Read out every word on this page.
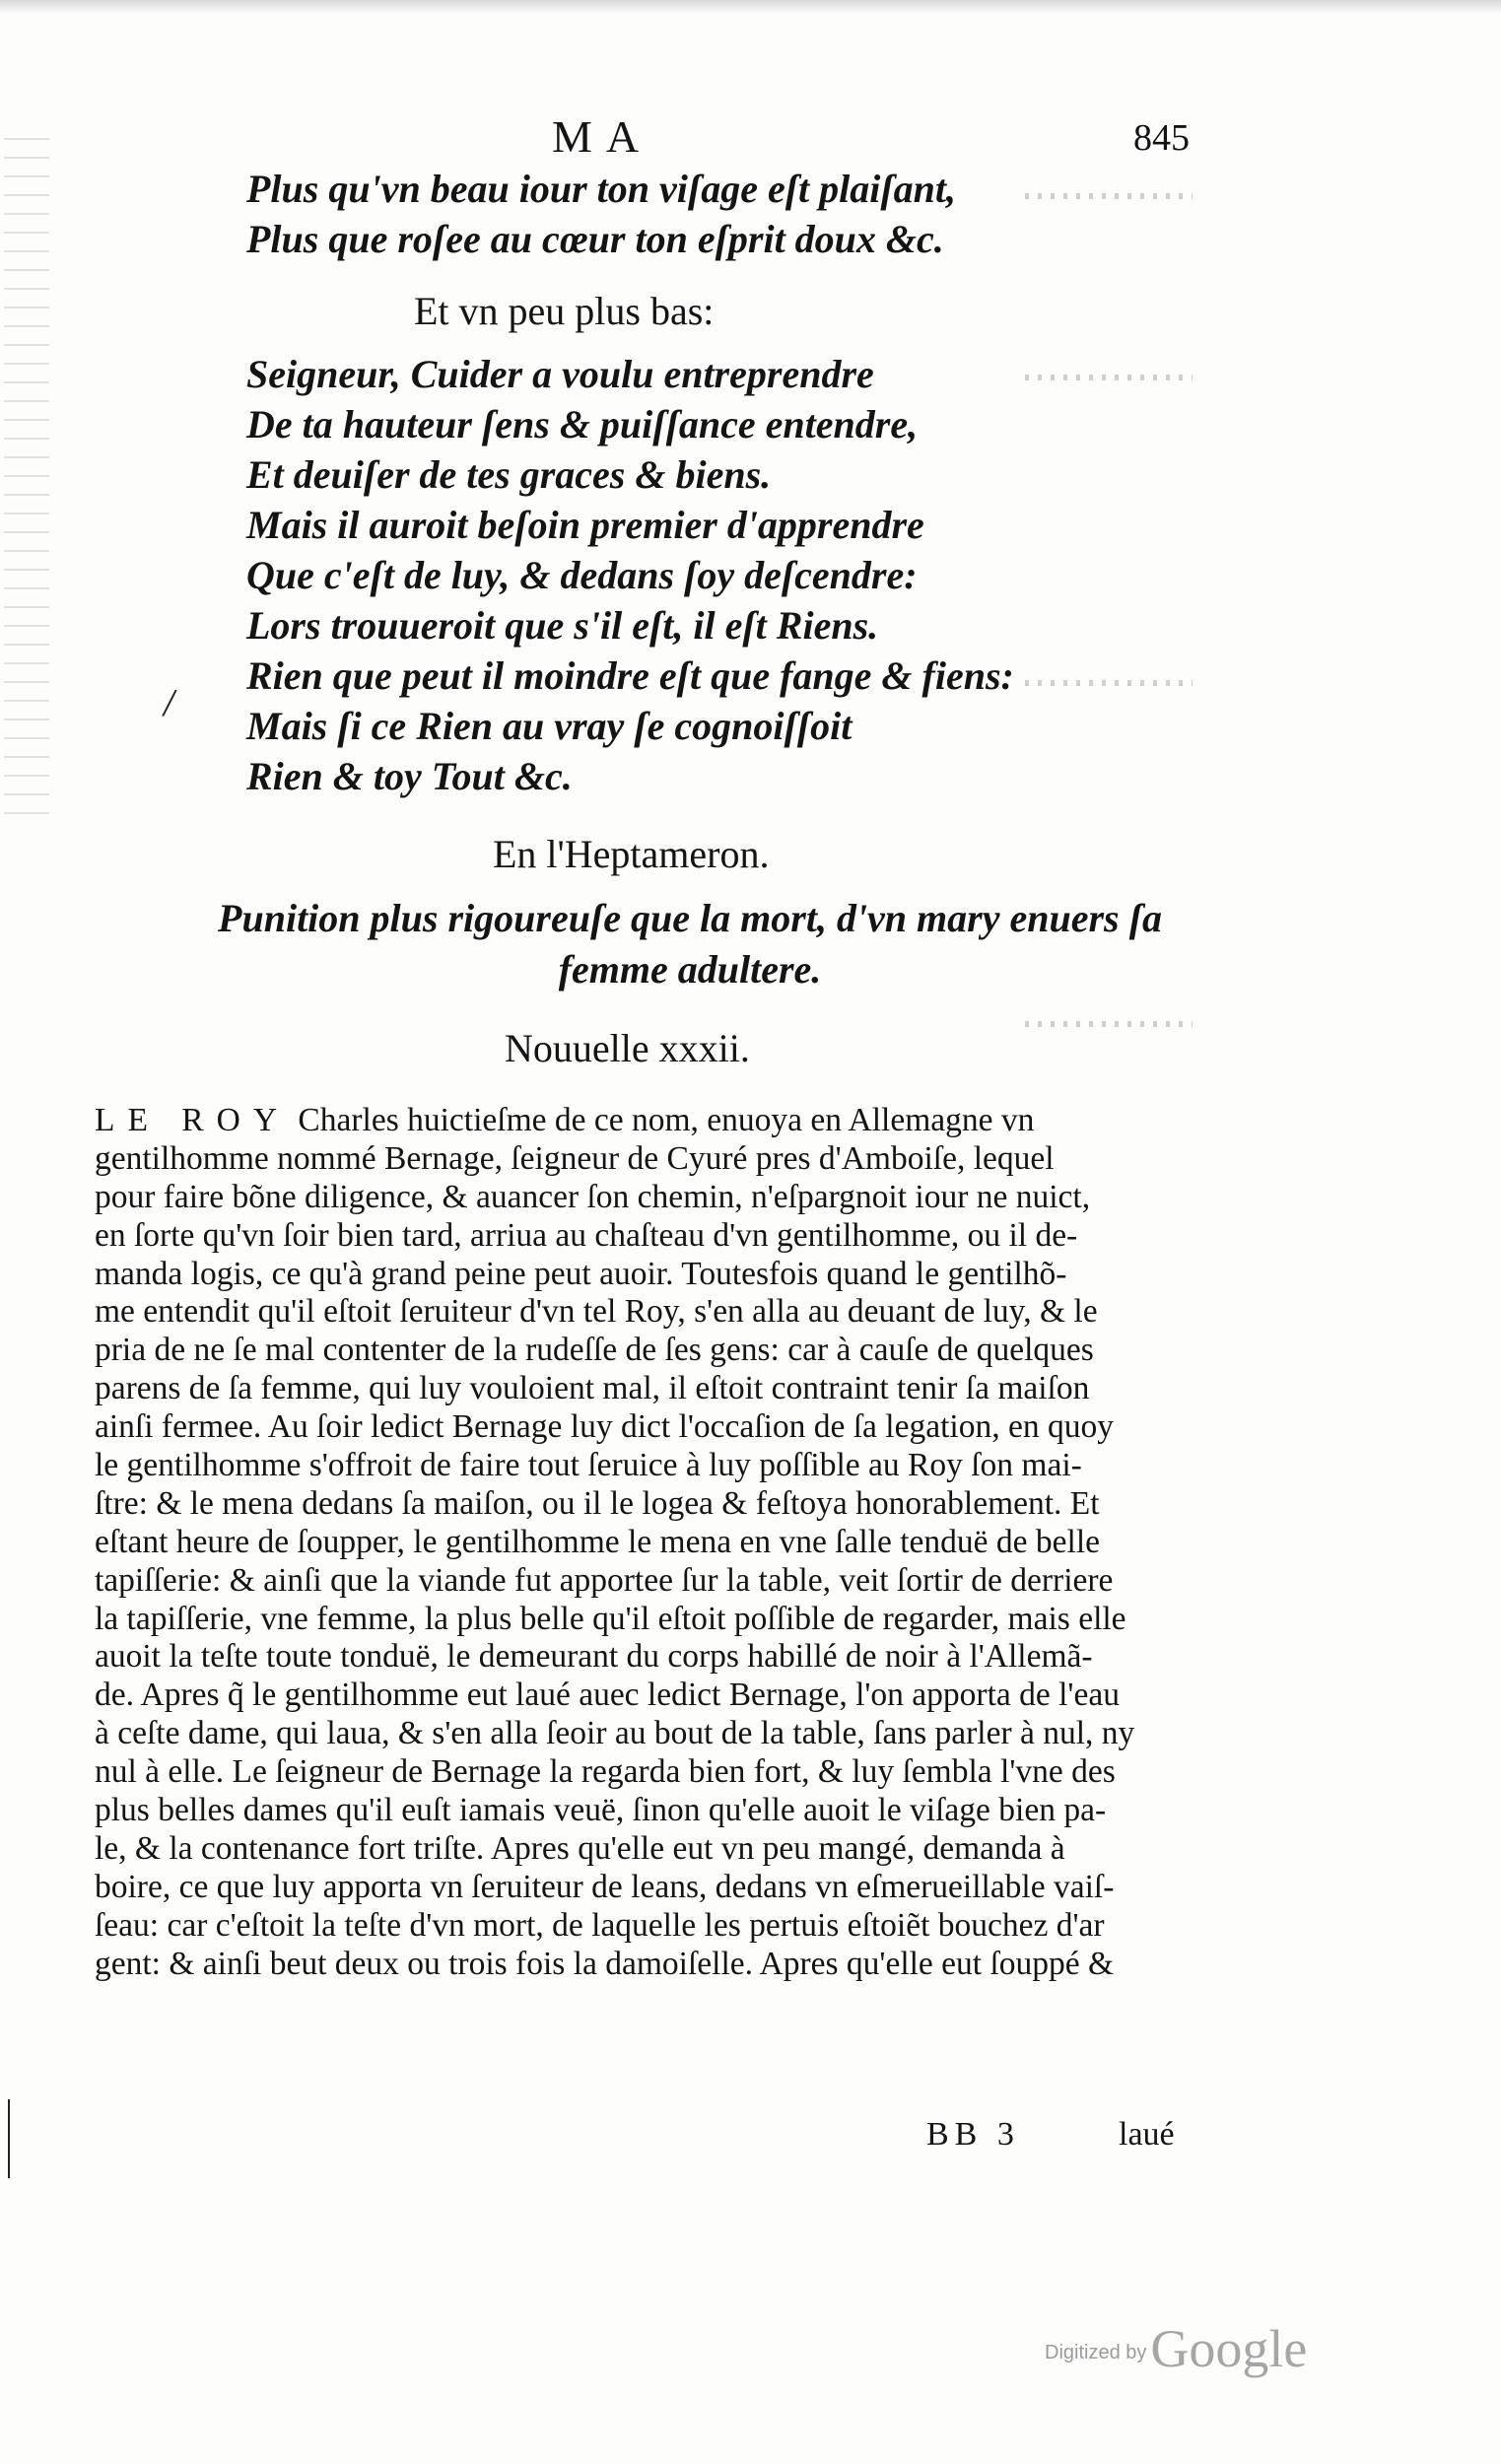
/
MA	845
Plus qu'vn beau iour ton viſage eſt plaiſant,
Plus que roſee au cœur ton eſprit doux &c.
Et vn peu plus bas:
Seigneur, Cuider a voulu entreprendre
De ta hauteur ſens & puiſſance entendre,
Et deuiſer de tes graces & biens.
Mais il auroit beſoin premier d'apprendre
Que c'eſt de luy, & dedans ſoy deſcendre:
Lors trouueroit que s'il eſt, il eſt Riens.
Rien que peut il moindre eſt que fange & fiens:
Mais ſi ce Rien au vray ſe cognoiſſoit
Rien & toy Tout &c.
En l'Heptameron.
Punition plus rigoureuſe que la mort, d'vn mary enuers ſa femme adultere.
Nouuelle xxxii.
LE ROY Charles huictieſme de ce nom, enuoya en Allemagne vn
gentilhomme nommé Bernage, ſeigneur de Cyuré pres d'Amboiſe, lequel
pour faire bõne diligence, & auancer ſon chemin, n'eſpargnoit iour ne nuict,
en ſorte qu'vn ſoir bien tard, arriua au chaſteau d'vn gentilhomme, ou il de-
manda logis, ce qu'à grand peine peut auoir. Toutesfois quand le gentilhõ-
me entendit qu'il eſtoit ſeruiteur d'vn tel Roy, s'en alla au deuant de luy, & le
pria de ne ſe mal contenter de la rudeſſe de ſes gens: car à cauſe de quelques
parens de ſa femme, qui luy vouloient mal, il eſtoit contraint tenir ſa maiſon
ainſi fermee. Au ſoir ledict Bernage luy dict l'occaſion de ſa legation, en quoy
le gentilhomme s'offroit de faire tout ſeruice à luy poſſible au Roy ſon mai-
ſtre: & le mena dedans ſa maiſon, ou il le logea & feſtoya honorablement. Et
eſtant heure de ſoupper, le gentilhomme le mena en vne ſalle tenduë de belle
tapiſſerie: & ainſi que la viande fut apportee ſur la table, veit ſortir de derriere
la tapiſſerie, vne femme, la plus belle qu'il eſtoit poſſible de regarder, mais elle
auoit la teſte toute tonduë, le demeurant du corps habillé de noir à l'Allemã-
de. Apres q̃ le gentilhomme eut laué auec ledict Bernage, l'on apporta de l'eau
à ceſte dame, qui laua, & s'en alla ſeoir au bout de la table, ſans parler à nul, ny
nul à elle. Le ſeigneur de Bernage la regarda bien fort, & luy ſembla l'vne des
plus belles dames qu'il euſt iamais veuë, ſinon qu'elle auoit le viſage bien pa-
le, & la contenance fort triſte. Apres qu'elle eut vn peu mangé, demanda à
boire, ce que luy apporta vn ſeruiteur de leans, dedans vn eſmerueillable vaiſ-
ſeau: car c'eſtoit la teſte d'vn mort, de laquelle les pertuis eſtoiẽt bouchez d'ar
gent: & ainſi beut deux ou trois fois la damoiſelle. Apres qu'elle eut ſouppé &
BB 3	laué
Digitized byGoogle
